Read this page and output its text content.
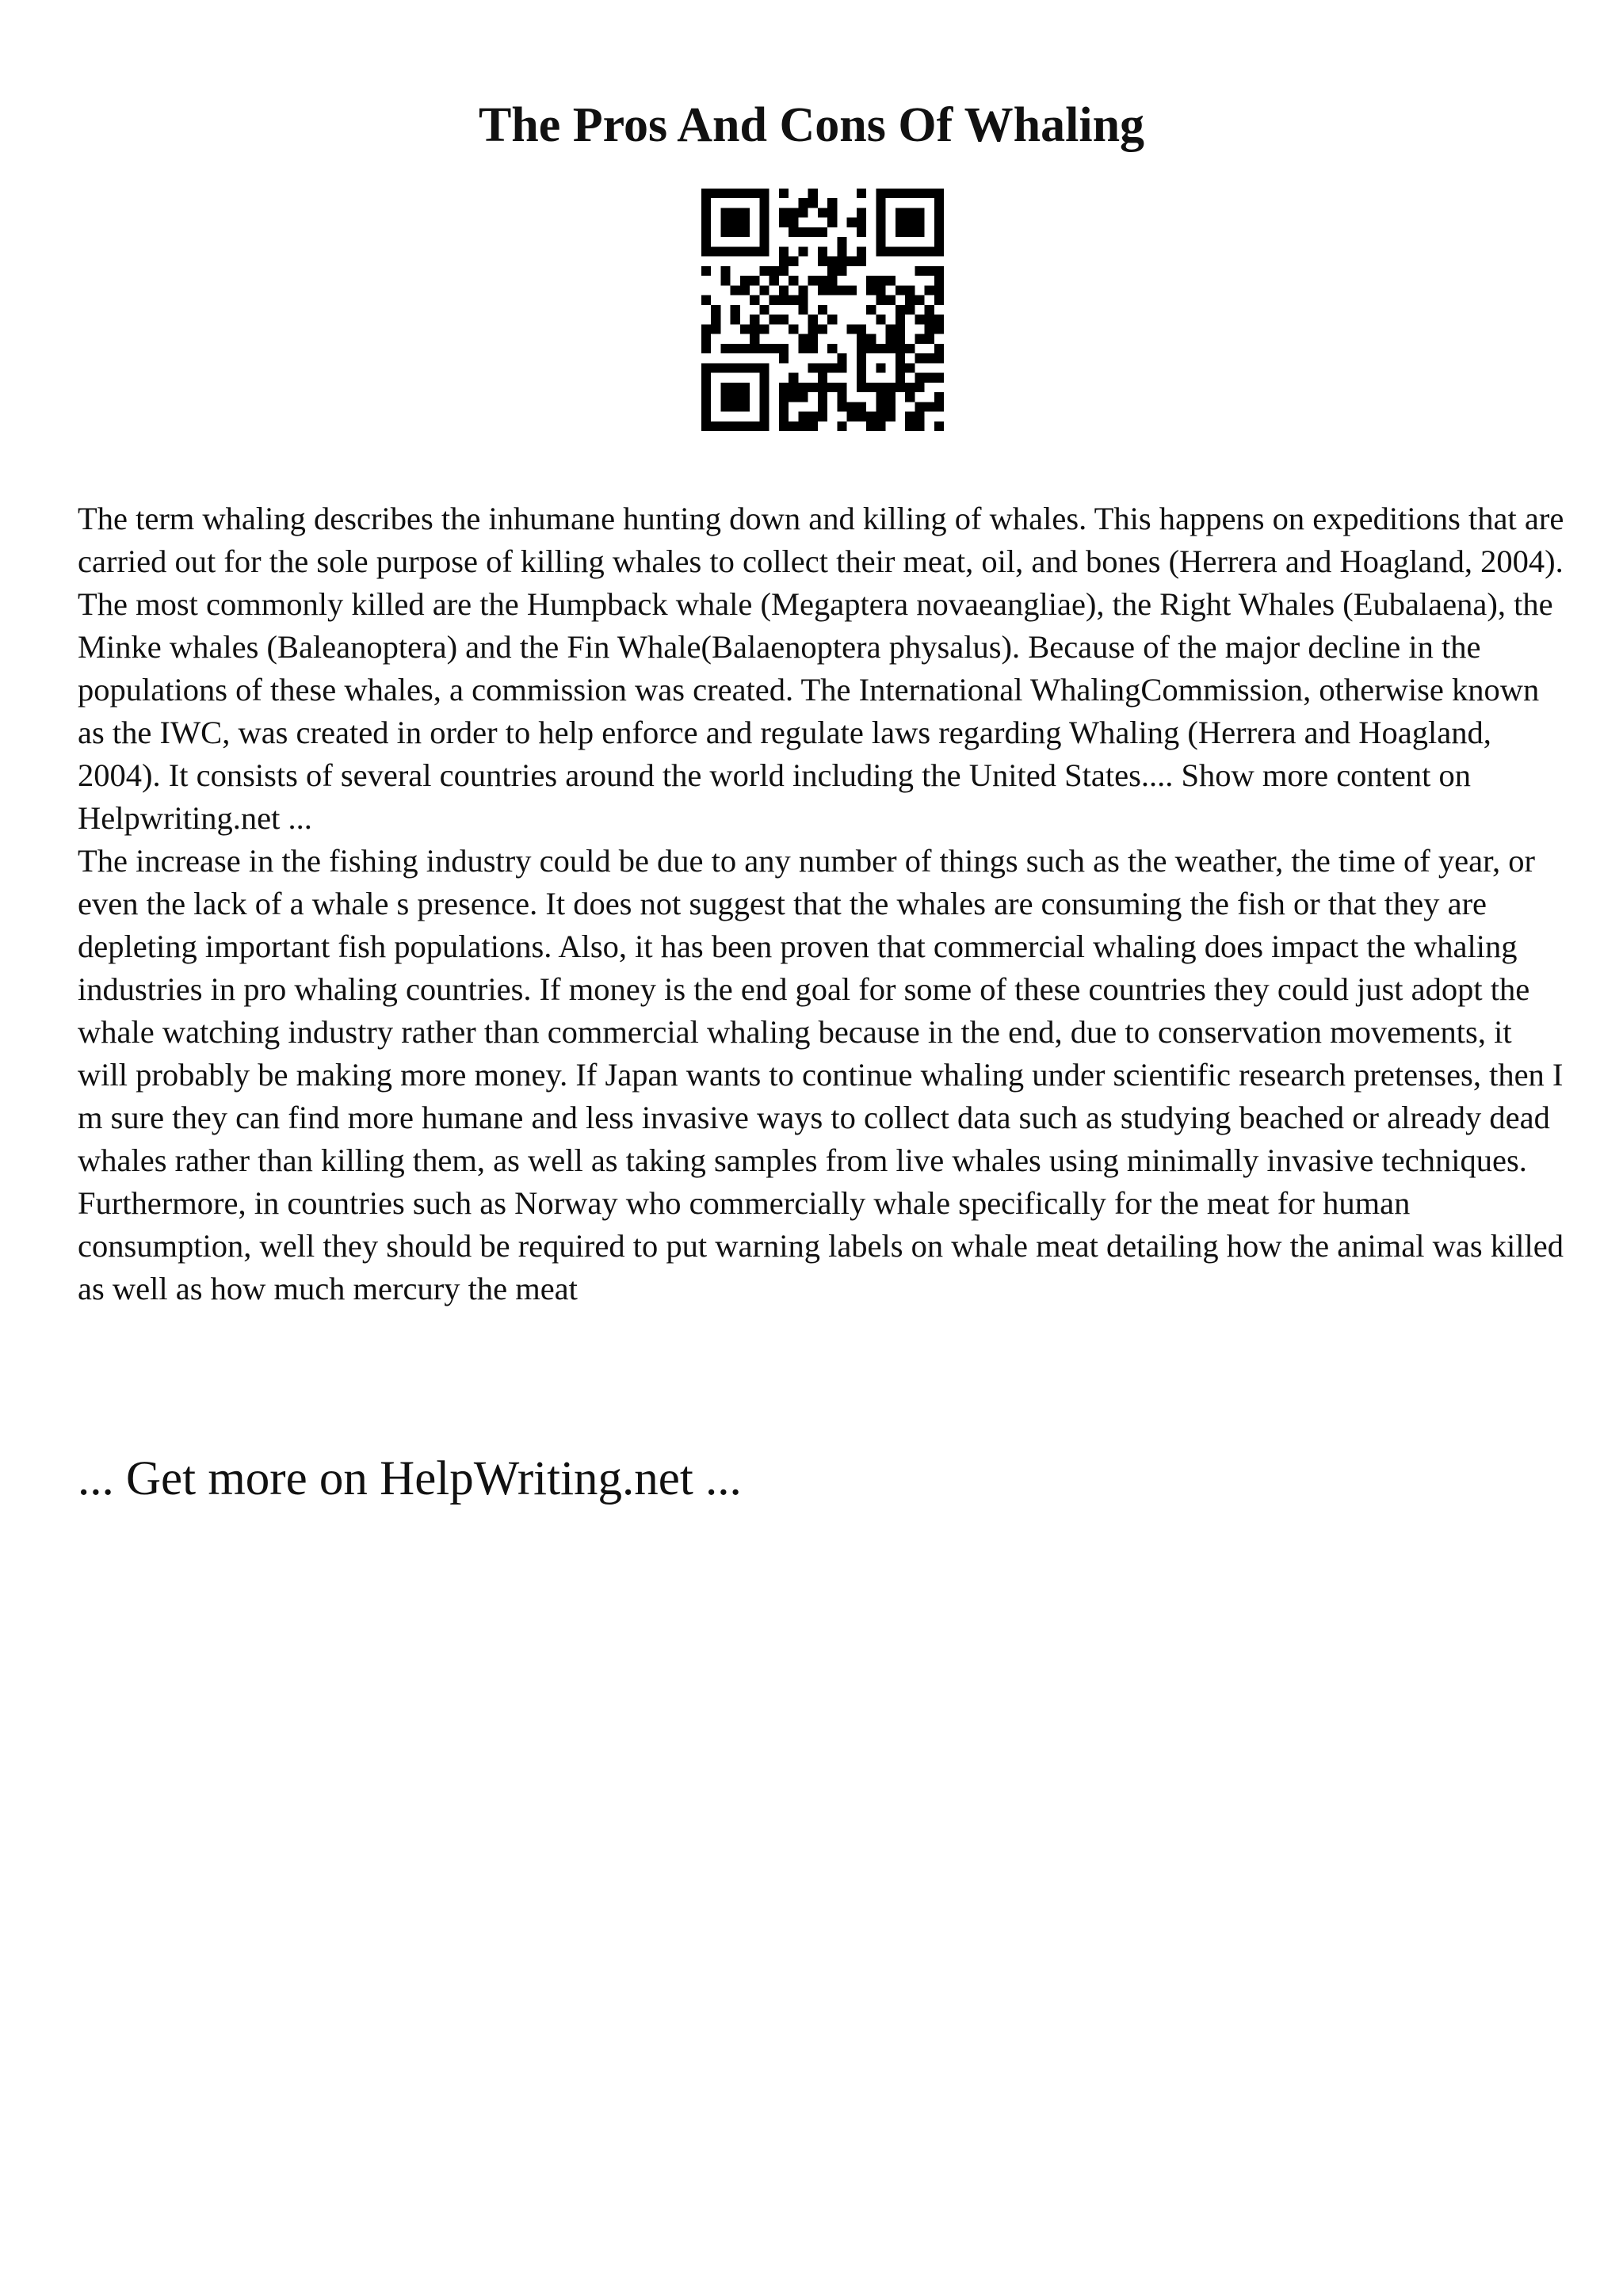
The Pros And Cons Of Whaling

The term whaling describes the inhumane hunting down and killing of whales. This happens on expeditions that are carried out for the sole purpose of killing whales to collect their meat, oil, and bones (Herrera and Hoagland, 2004). The most commonly killed are the Humpback whale (Megaptera novaeangliae), the Right Whales (Eubalaena), the Minke whales (Baleanoptera) and the Fin Whale(Balaenoptera physalus). Because of the major decline in the populations of these whales, a commission was created. The International WhalingCommission, otherwise known as the IWC, was created in order to help enforce and regulate laws regarding Whaling (Herrera and Hoagland, 2004). It consists of several countries around the world including the United States.... Show more content on Helpwriting.net ...

The increase in the fishing industry could be due to any number of things such as the weather, the time of year, or even the lack of a whale s presence. It does not suggest that the whales are consuming the fish or that they are depleting important fish populations. Also, it has been proven that commercial whaling does impact the whaling industries in pro whaling countries. If money is the end goal for some of these countries they could just adopt the whale watching industry rather than commercial whaling because in the end, due to conservation movements, it will probably be making more money. If Japan wants to continue whaling under scientific research pretenses, then I m sure they can find more humane and less invasive ways to collect data such as studying beached or already dead whales rather than killing them, as well as taking samples from live whales using minimally invasive techniques. Furthermore, in countries such as Norway who commercially whale specifically for the meat for human consumption, well they should be required to put warning labels on whale meat detailing how the animal was killed as well as how much mercury the meat

... Get more on HelpWriting.net ...
